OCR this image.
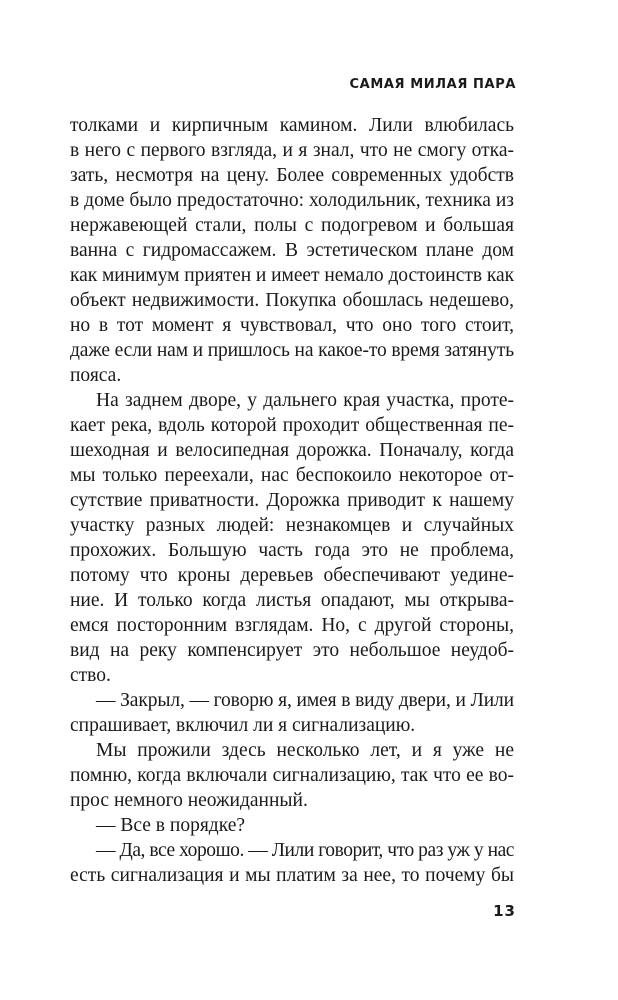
САМАЯ МИЛАЯ ПАРА
толками и кирпичным камином. Лили влюбилась
в него с первого взгляда, и я знал, что не смогу отка-
зать, несмотря на цену. Более современных удобств
в доме было предостаточно: холодильник, техника из
нержавеющей стали, полы с подогревом и большая
ванна с гидромассажем. В эстетическом плане дом
как минимум приятен и имеет немало достоинств как
объект недвижимости. Покупка обошлась недешево,
но в тот момент я чувствовал, что оно того стоит,
даже если нам и пришлось на какое-то время затянуть
пояса.
На заднем дворе, у дальнего края участка, проте-
кает река, вдоль которой проходит общественная пе-
шеходная и велосипедная дорожка. Поначалу, когда
мы только переехали, нас беспокоило некоторое от-
сутствие приватности. Дорожка приводит к нашему
участку разных людей: незнакомцев и случайных
прохожих. Большую часть года это не проблема,
потому что кроны деревьев обеспечивают уедине-
ние. И только когда листья опадают, мы открыва-
емся посторонним взглядам. Но, с другой стороны,
вид на реку компенсирует это небольшое неудоб-
ство.
— Закрыл, — говорю я, имея в виду двери, и Лили
спрашивает, включил ли я сигнализацию.
Мы прожили здесь несколько лет, и я уже не
помню, когда включали сигнализацию, так что ее во-
прос немного неожиданный.
— Все в порядке?
— Да, все хорошо. — Лили говорит, что раз уж у нас
есть сигнализация и мы платим за нее, то почему бы
13
